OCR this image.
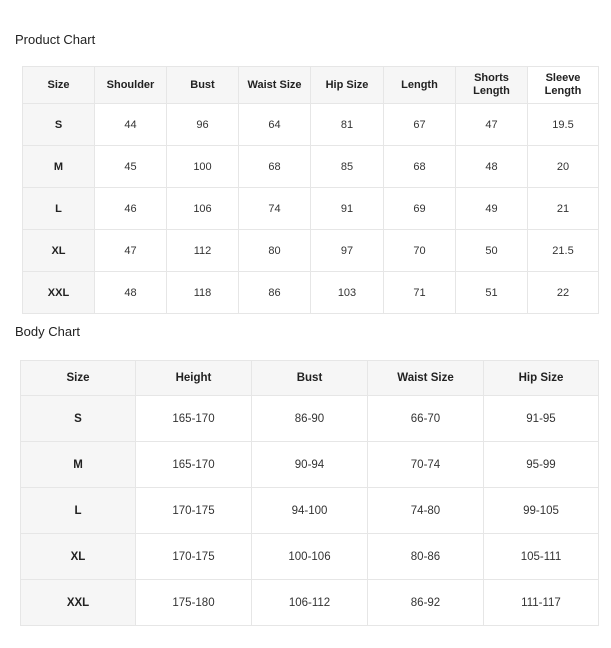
Product Chart
Size	Shoulder	Bust	Waist Size	Hip Size	Length	Shorts Length	Sleeve Length
S	44	96	64	81	67	47	19.5
M	45	100	68	85	68	48	20
L	46	106	74	91	69	49	21
XL	47	112	80	97	70	50	21.5
XXL	48	118	86	103	71	51	22
Body Chart
Size	Height	Bust	Waist Size	Hip Size
S	165-170	86-90	66-70	91-95
M	165-170	90-94	70-74	95-99
L	170-175	94-100	74-80	99-105
XL	170-175	100-106	80-86	105-111
XXL	175-180	106-112	86-92	111-117
